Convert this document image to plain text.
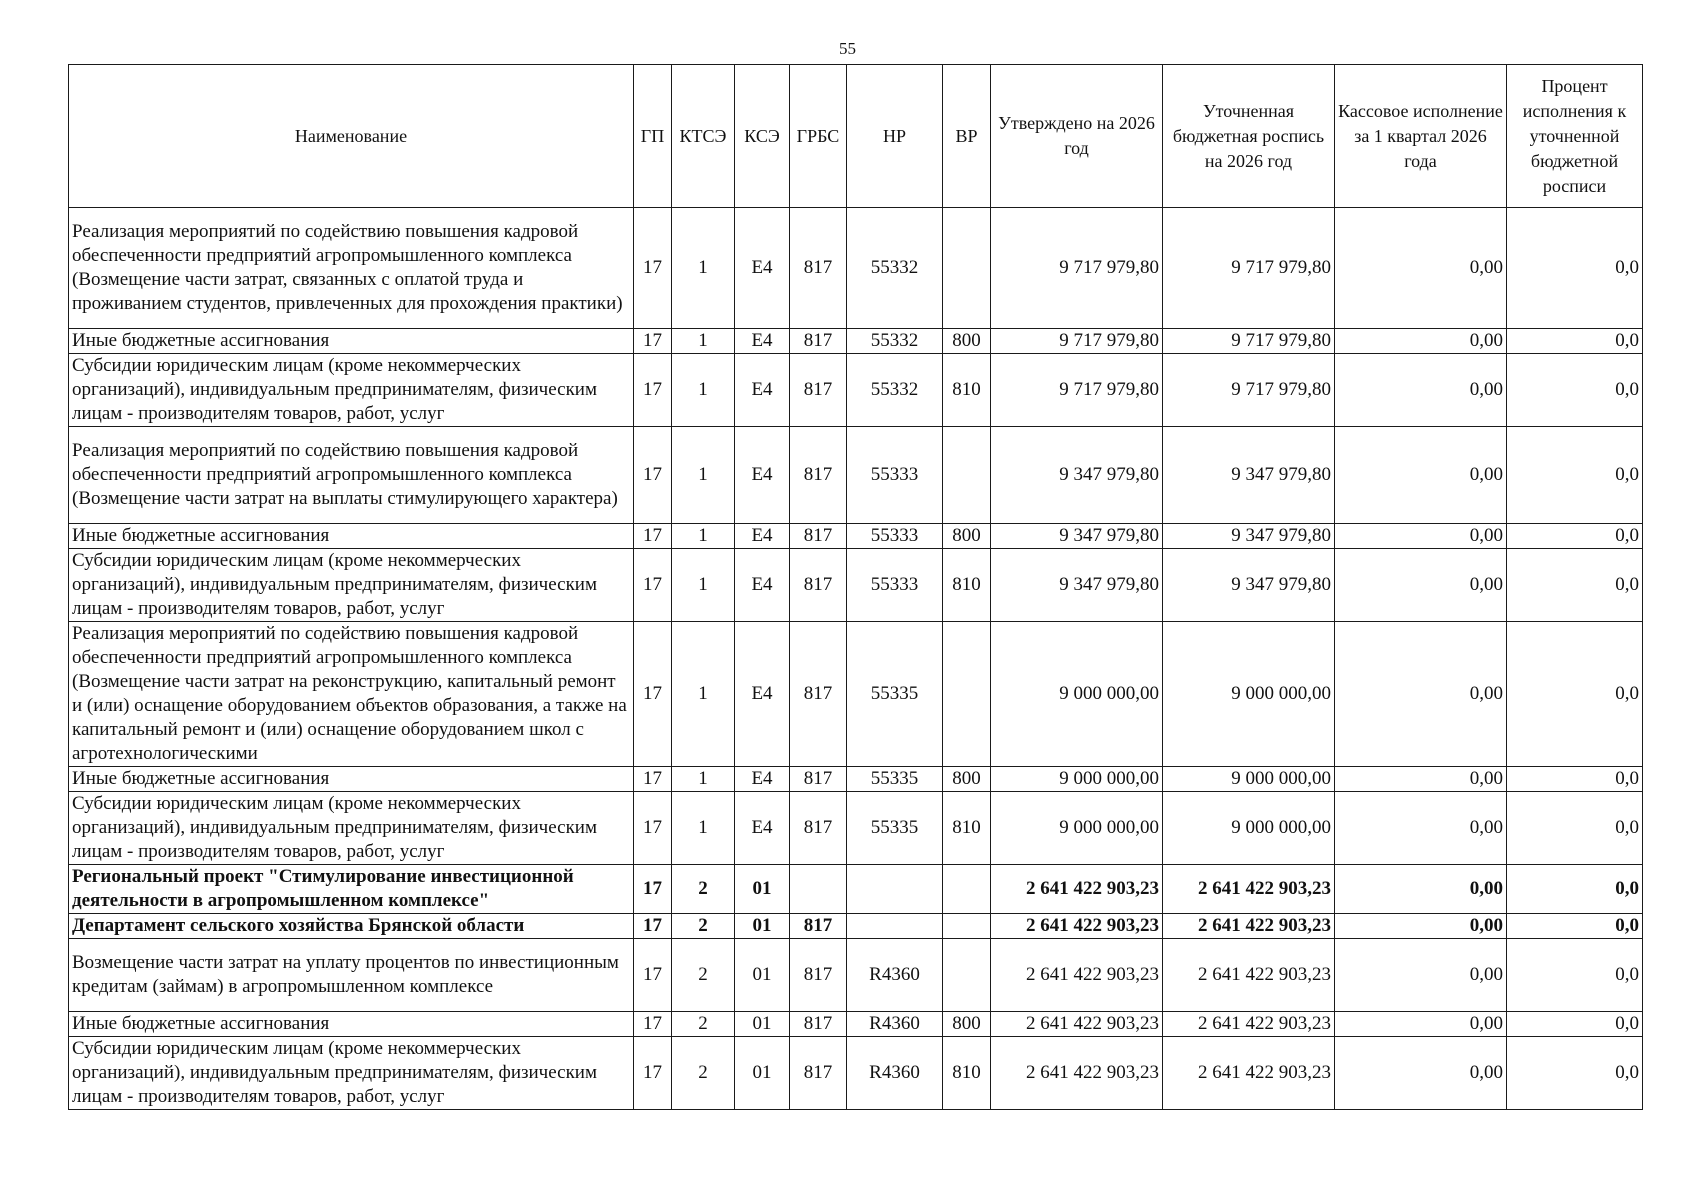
55
Наименование	ГП	КТСЭ	КСЭ	ГРБС	НР	ВР	Утверждено на 2026 год	Уточненная бюджетная роспись на 2026 год	Кассовое исполнение за 1 квартал 2026 года	Процент исполнения к уточненной бюджетной росписи
Реализация мероприятий по содействию повышения кадровой обеспеченности предприятий агропромышленного комплекса (Возмещение части затрат, связанных с оплатой труда и проживанием студентов, привлеченных для прохождения практики)	17	1	Е4	817	55332		9 717 979,80	9 717 979,80	0,00	0,0
Иные бюджетные ассигнования	17	1	Е4	817	55332	800	9 717 979,80	9 717 979,80	0,00	0,0
Субсидии юридическим лицам (кроме некоммерческих организаций), индивидуальным предпринимателям, физическим лицам - производителям товаров, работ, услуг	17	1	Е4	817	55332	810	9 717 979,80	9 717 979,80	0,00	0,0
Реализация мероприятий по содействию повышения кадровой обеспеченности предприятий агропромышленного комплекса (Возмещение части затрат на выплаты стимулирующего характера)	17	1	Е4	817	55333		9 347 979,80	9 347 979,80	0,00	0,0
Иные бюджетные ассигнования	17	1	Е4	817	55333	800	9 347 979,80	9 347 979,80	0,00	0,0
Субсидии юридическим лицам (кроме некоммерческих организаций), индивидуальным предпринимателям, физическим лицам - производителям товаров, работ, услуг	17	1	Е4	817	55333	810	9 347 979,80	9 347 979,80	0,00	0,0
Реализация мероприятий по содействию повышения кадровой обеспеченности предприятий агропромышленного комплекса (Возмещение части затрат на реконструкцию, капитальный ремонт и (или) оснащение оборудованием объектов образования, а также на капитальный ремонт и (или) оснащение оборудованием школ с агротехнологическими	17	1	Е4	817	55335		9 000 000,00	9 000 000,00	0,00	0,0
Иные бюджетные ассигнования	17	1	Е4	817	55335	800	9 000 000,00	9 000 000,00	0,00	0,0
Субсидии юридическим лицам (кроме некоммерческих организаций), индивидуальным предпринимателям, физическим лицам - производителям товаров, работ, услуг	17	1	Е4	817	55335	810	9 000 000,00	9 000 000,00	0,00	0,0
Региональный проект "Стимулирование инвестиционной деятельности в агропромышленном комплексе"	17	2	01				2 641 422 903,23	2 641 422 903,23	0,00	0,0
Департамент сельского хозяйства Брянской области	17	2	01	817			2 641 422 903,23	2 641 422 903,23	0,00	0,0
Возмещение части затрат на уплату процентов по инвестиционным кредитам (займам) в агропромышленном комплексе	17	2	01	817	R4360		2 641 422 903,23	2 641 422 903,23	0,00	0,0
Иные бюджетные ассигнования	17	2	01	817	R4360	800	2 641 422 903,23	2 641 422 903,23	0,00	0,0
Субсидии юридическим лицам (кроме некоммерческих организаций), индивидуальным предпринимателям, физическим лицам - производителям товаров, работ, услуг	17	2	01	817	R4360	810	2 641 422 903,23	2 641 422 903,23	0,00	0,0
